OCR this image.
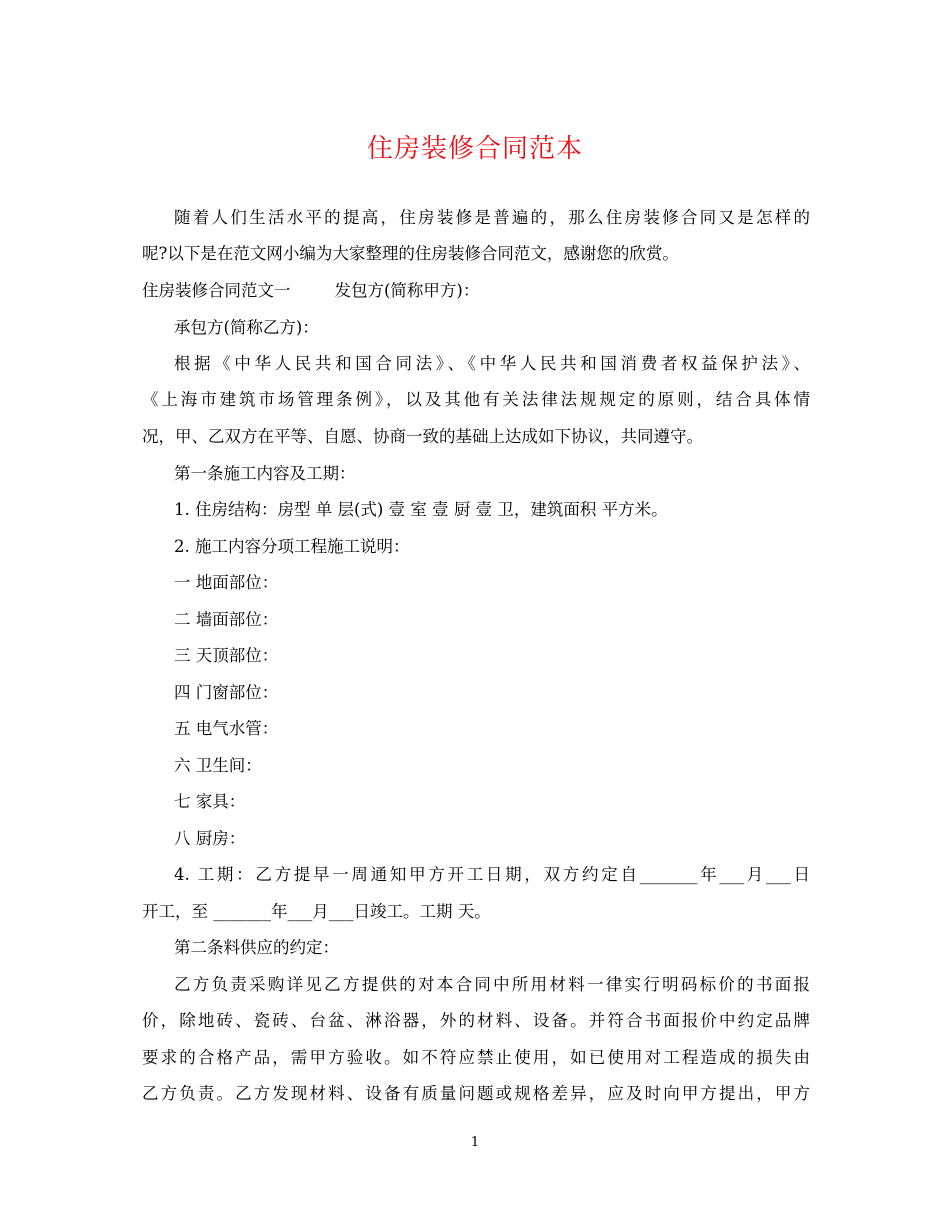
住房装修合同范本
随着人们生活水平的提高，住房装修是普遍的，那么住房装修合同又是怎样的
呢?以下是在范文网小编为大家整理的住房装修合同范文，感谢您的欣赏。
住房装修合同范文一	发包方(简称甲方)：
承包方(简称乙方)：
根据《中华人民共和国合同法》、《中华人民共和国消费者权益保护法》、
《上海市建筑市场管理条例》，以及其他有关法律法规规定的原则，结合具体情
况，甲、乙双方在平等、自愿、协商一致的基础上达成如下协议，共同遵守。
第一条施工内容及工期：
1. 住房结构：房型 单 层(式) 壹 室 壹 厨 壹 卫，建筑面积 平方米。
2. 施工内容分项工程施工说明：
一 地面部位：
二 墙面部位：
三 天顶部位：
四 门窗部位：
五 电气水管：
六 卫生间：
七 家具：
八 厨房：
4. 工期：乙方提早一周通知甲方开工日期，双方约定自_______年___月___日
开工，至 _______年___月___日竣工。工期 天。
第二条料供应的约定：
乙方负责采购详见乙方提供的对本合同中所用材料一律实行明码标价的书面报
价，除地砖、瓷砖、台盆、淋浴器，外的材料、设备。并符合书面报价中约定品牌
要求的合格产品，需甲方验收。如不符应禁止使用，如已使用对工程造成的损失由
乙方负责。乙方发现材料、设备有质量问题或规格差异，应及时向甲方提出，甲方
1
